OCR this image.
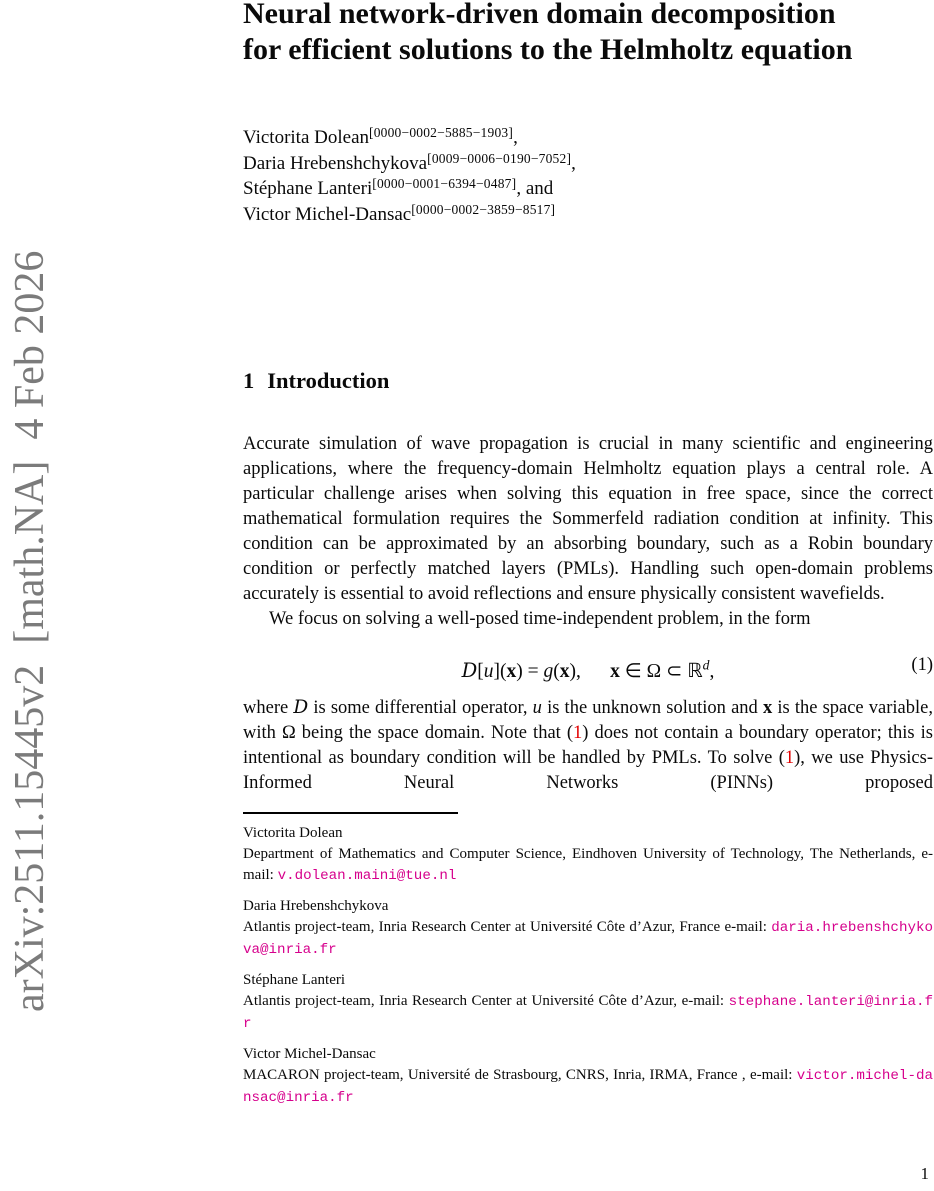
arXiv:2511.15445v2  [math.NA]  4 Feb 2026
Neural network-driven domain decomposition
for efficient solutions to the Helmholtz equation
Victorita Dolean[0000−0002−5885−1903],
Daria Hrebenshchykova[0009−0006−0190−7052],
Stéphane Lanteri[0000−0001−6394−0487], and
Victor Michel-Dansac[0000−0002−3859−8517]
1 Introduction

Accurate simulation of wave propagation is crucial in many scientific and engineering applications, where the frequency-domain Helmholtz equation plays a central role. A particular challenge arises when solving this equation in free space, since the correct mathematical formulation requires the Sommerfeld radiation condition at infinity. This condition can be approximated by an absorbing boundary, such as a Robin boundary condition or perfectly matched layers (PMLs). Handling such open-domain problems accurately is essential to avoid reflections and ensure physically consistent wavefields.

We focus on solving a well-posed time-independent problem, in the form

D[u](x) = g(x),   x ∈ Ω ⊂ ℝ$^d$,	(1)

where D is some differential operator, u is the unknown solution and x is the space variable, with Ω being the space domain. Note that (1) does not contain a boundary operator; this is intentional as boundary condition will be handled by PMLs. To solve (1), we use Physics-Informed Neural Networks (PINNs) proposed

Victorita Dolean

Department of Mathematics and Computer Science, Eindhoven University of Technology, The Netherlands, e-mail: v.dolean.maini@tue.nl

Daria Hrebenshchykova

Atlantis project-team, Inria Research Center at Université Côte d’Azur, France e-mail: daria.hrebenshchykova@inria.fr

Stéphane Lanteri

Atlantis project-team, Inria Research Center at Université Côte d’Azur, e-mail: stephane.lanteri@inria.fr

Victor Michel-Dansac

MACARON project-team, Université de Strasbourg, CNRS, Inria, IRMA, France , e-mail: victor.michel-dansac@inria.fr

1
